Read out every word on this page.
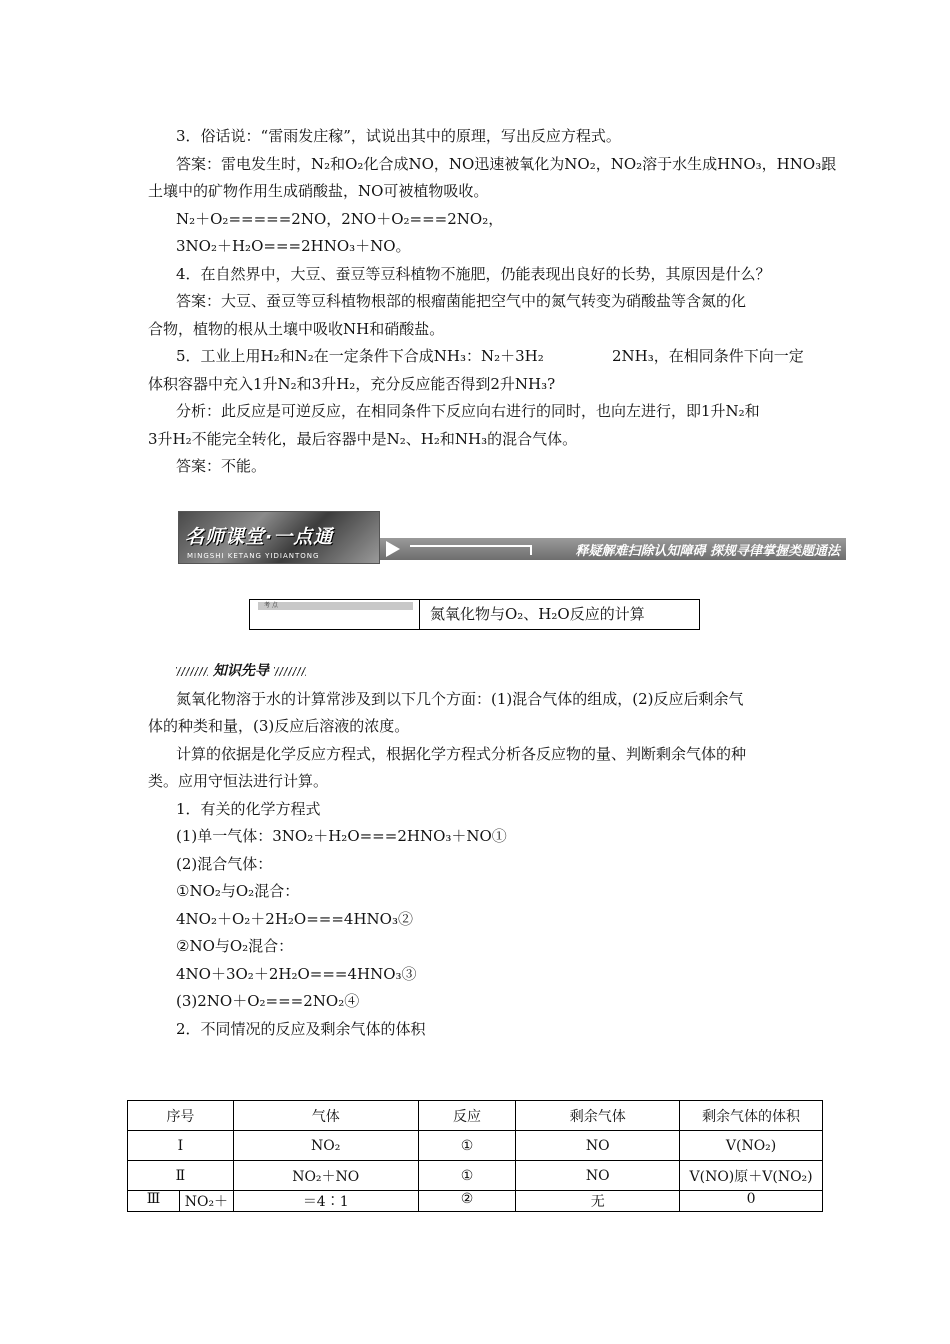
3．俗话说：“雷雨发庄稼”，试说出其中的原理，写出反应方程式。
答案：雷电发生时，N₂和O₂化合成NO，NO迅速被氧化为NO₂，NO₂溶于水生成HNO₃，HNO₃跟
土壤中的矿物作用生成硝酸盐，NO可被植物吸收。
N₂＋O₂=====2NO，2NO＋O₂===2NO₂，
3NO₂＋H₂O===2HNO₃＋NO。
4．在自然界中，大豆、蚕豆等豆科植物不施肥，仍能表现出良好的长势，其原因是什么？
答案：大豆、蚕豆等豆科植物根部的根瘤菌能把空气中的氮气转变为硝酸盐等含氮的化
合物，植物的根从土壤中吸收NH和硝酸盐。
5．工业上用H₂和N₂在一定条件下合成NH₃：N₂＋3H₂	2NH₃，在相同条件下向一定
体积容器中充入1升N₂和3升H₂，充分反应能否得到2升NH₃?
分析：此反应是可逆反应，在相同条件下反应向右进行的同时，也向左进行，即1升N₂和
3升H₂不能完全转化，最后容器中是N₂、H₂和NH₃的混合气体。
答案：不能。
名师课堂·一点通
MINGSHI KETANG YIDIANTONG	释疑解难扫除认知障碍 探规寻律掌握类题通法
考 点	氮氧化物与O₂、H₂O反应的计算
知识先导
氮氧化物溶于水的计算常涉及到以下几个方面：(1)混合气体的组成，(2)反应后剩余气
体的种类和量，(3)反应后溶液的浓度。
计算的依据是化学反应方程式，根据化学方程式分析各反应物的量、判断剩余气体的种
类。应用守恒法进行计算。
1．有关的化学方程式
(1)单一气体：3NO₂＋H₂O===2HNO₃＋NO①
(2)混合气体：
①NO₂与O₂混合：
4NO₂＋O₂＋2H₂O===4HNO₃②
②NO与O₂混合：
4NO＋3O₂＋2H₂O===4HNO₃③
(3)2NO＋O₂===2NO₂④
2．不同情况的反应及剩余气体的体积
序号		气体	反应	剩余气体	剩余气体的体积
Ⅰ		NO₂	①	NO	V(NO₂)
Ⅱ		NO₂＋NO	①	NO	V(NO)原＋V(NO₂)
Ⅲ	NO₂＋	＝4∶1	②	无	0
